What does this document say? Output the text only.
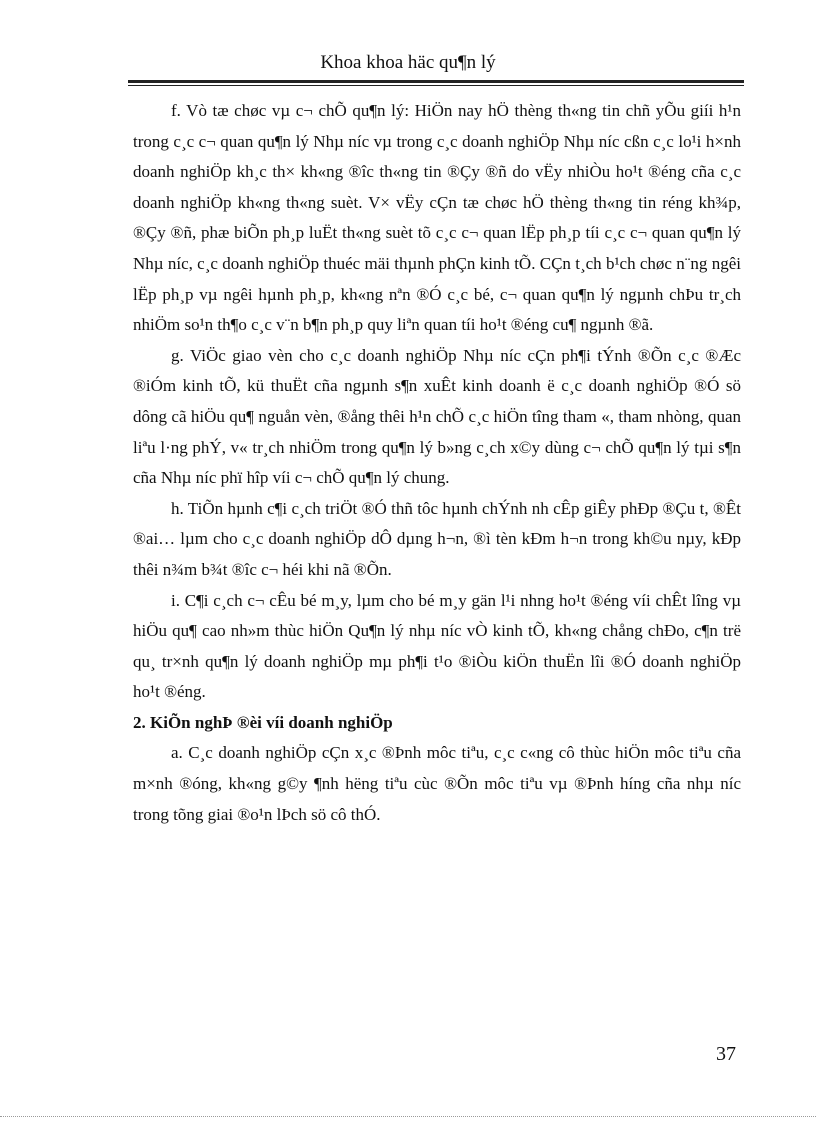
Khoa khoa häc qu¶n lý

f. Vò tæ chøc vµ c¬ chÕ qu¶n lý: HiÖn nay hÖ thèng th«ng tin chñ yÕu giíi h¹n trong c¸c c¬ quan qu¶n lý Nhµ níc vµ trong c¸c doanh nghiÖp Nhµ níc cßn c¸c lo¹i h×nh doanh nghiÖp kh¸c th× kh«ng ®îc th«ng tin ®Çy ®ñ do vËy nhiÒu ho¹t ®éng cña c¸c doanh nghiÖp kh«ng th«ng suèt. V× vËy cÇn tæ chøc hÖ thèng th«ng tin réng kh¾p, ®Çy ®ñ, phæ biÕn ph¸p luËt th«ng suèt tõ c¸c c¬ quan lËp ph¸p tíi c¸c c¬ quan qu¶n lý Nhµ níc, c¸c doanh nghiÖp thuéc mäi thµnh phÇn kinh tÕ. CÇn t¸ch b¹ch chøc n¨ng ngêi lËp ph¸p vµ ngêi hµnh ph¸p, kh«ng nªn ®Ó c¸c bé, c¬ quan qu¶n lý ngµnh chÞu tr¸ch nhiÖm so¹n th¶o c¸c v¨n b¶n ph¸p quy liªn quan tíi ho¹t ®éng cu¶ ngµnh ®ã.

g. ViÖc giao vèn cho c¸c doanh nghiÖp Nhµ níc cÇn ph¶i tÝnh ®Õn c¸c ®Æc ®iÓm kinh tÕ, kü thuËt cña ngµnh s¶n xuÊt kinh doanh ë c¸c doanh nghiÖp ®Ó sö dông cã hiÖu qu¶ nguån vèn, ®ång thêi h¹n chÕ c¸c hiÖn tîng tham «, tham nhòng, quan liªu l·ng phÝ, v« tr¸ch nhiÖm trong qu¶n lý b»ng c¸ch x©y dùng c¬ chÕ qu¶n lý tµi s¶n cña Nhµ níc phï hîp víi c¬ chÕ qu¶n lý chung.

h. TiÕn hµnh c¶i c¸ch triÖt ®Ó thñ tôc hµnh chÝnh nh cÊp giÊy phÐp ®Çu t, ®Êt ®ai… lµm cho c¸c doanh nghiÖp dÔ dµng h¬n, ®ì tèn kÐm h¬n trong kh©u nµy, kÐp thêi n¾m b¾t ®îc c¬ héi khi nã ®Õn.

i. C¶i c¸ch c¬ cÊu bé m¸y, lµm cho bé m¸y gän l¹i nhng ho¹t ®éng víi chÊt lîng vµ hiÖu qu¶ cao nh»m thùc hiÖn Qu¶n lý nhµ níc vÒ kinh tÕ, kh«ng chång chÐo, c¶n trë qu¸ tr×nh qu¶n lý doanh nghiÖp mµ ph¶i t¹o ®iÒu kiÖn thuËn lîi ®Ó doanh nghiÖp ho¹t ®éng.

2. KiÕn nghÞ ®èi víi doanh nghiÖp

a. C¸c doanh nghiÖp cÇn x¸c ®Þnh môc tiªu, c¸c c«ng cô thùc hiÖn môc tiªu cña m×nh ®óng, kh«ng g©y ¶nh hëng tiªu cùc ®Õn môc tiªu vµ ®Þnh híng cña nhµ níc trong tõng giai ®o¹n lÞch sö cô thÓ.

37
